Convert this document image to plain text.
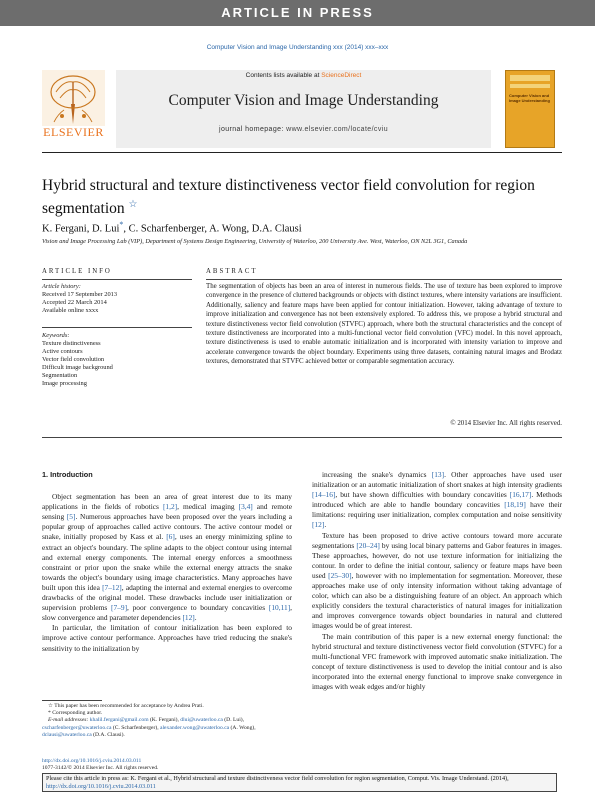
ARTICLE IN PRESS
Computer Vision and Image Understanding xxx (2014) xxx–xxx
ELSEVIER
Contents lists available at ScienceDirect
Computer Vision and Image Understanding
journal homepage: www.elsevier.com/locate/cviu
Computer Vision and Image Understanding
Hybrid structural and texture distinctiveness vector field convolution for region segmentation ☆
K. Fergani, D. Lui*, C. Scharfenberger, A. Wong, D.A. Clausi
Vision and Image Processing Lab (VIP), Department of Systems Design Engineering, University of Waterloo, 200 University Ave. West, Waterloo, ON N2L 3G1, Canada
ARTICLE INFO	ABSTRACT
Article history:
Received 17 September 2013
Accepted 22 March 2014
Available online xxxx
Keywords:
Texture distinctiveness
Active contours
Vector field convolution
Difficult image background
Segmentation
Image processing
The segmentation of objects has been an area of interest in numerous fields. The use of texture has been explored to improve convergence in the presence of cluttered backgrounds or objects with distinct textures, where intensity variations are insufficient. Additionally, saliency and feature maps have been applied for contour initialization. However, taking advantage of texture to improve initialization and convergence has not been extensively explored. To address this, we propose a hybrid structural and texture distinctiveness vector field convolution (STVFC) approach, where both the structural characteristics and the concept of texture distinctiveness are incorporated into a multi-functional vector field convolution (VFC) model. In this novel approach, texture distinctiveness is used to enable automatic initialization and is incorporated with intensity variation to improve and accelerate convergence towards the object boundary. Experiments using three datasets, containing natural images and Brodatz textures, demonstrated that STVFC achieved better or comparable segmentation accuracy.
© 2014 Elsevier Inc. All rights reserved.

1. Introduction

Object segmentation has been an area of great interest due to its many applications in the fields of robotics [1,2], medical imaging [3,4] and remote sensing [5]. Numerous approaches have been proposed over the years including a popular group of approaches called active contours. The active contour model or snake, initially proposed by Kass et al. [6], uses an energy minimizing spline to extract an object's boundary. The spline adapts to the object contour using internal and external energy components. The internal energy enforces a smoothness constraint or prior upon the snake while the external energy attracts the snake towards the object's boundary using image characteristics. Many approaches have built upon this idea [7–12], adapting the internal and external energies to overcome drawbacks of the original model. These drawbacks include user initialization or supervision problems [7–9], poor convergence to boundary concavities [10,11], slow convergence and parameter dependencies [12].

In particular, the limitation of contour initialization has been explored to improve active contour performance. Approaches have tried reducing the snake's sensitivity to the initialization by

increasing the snake's dynamics [13]. Other approaches have used user initialization or an automatic initialization of short snakes at high intensity gradients [14–16], but have shown difficulties with boundary concavities [16,17]. Methods introduced which are able to handle boundary concavities [18,19] have their limitations: requiring user initialization, complex computation and noise sensitivity [12].

Texture has been proposed to drive active contours toward more accurate segmentations [20–24] by using local binary patterns and Gabor features in images. These approaches, however, do not use texture information for initializing the contour. In order to define the initial contour, saliency or feature maps have been used [25–30], however with no implementation for segmentation. Moreover, these approaches make use of only intensity information without taking advantage of color, which can also be a distinguishing feature of an object. An approach which explicitly considers the textural characteristics of natural images for initialization and improves convergence towards object boundaries in natural and cluttered images would be of great interest.

The main contribution of this paper is a new external energy functional: the hybrid structural and texture distinctiveness vector field convolution (STVFC) for a multi-functional VFC framework with improved automatic snake initialization. The concept of texture distinctiveness is used to develop the initial contour and is also incorporated into the external energy functional to improve snake convergence in images with weak edges and/or highly

☆ This paper has been recommended for acceptance by Andrea Prati.
* Corresponding author.
E-mail addresses: khalil.fergani@gmail.com (K. Fergani), dlui@uwaterloo.ca (D. Lui), cscharfenberger@uwaterloo.ca (C. Scharfenberger), alexander.wong@uwaterloo.ca (A. Wong), dclausi@uwaterloo.ca (D.A. Clausi).
http://dx.doi.org/10.1016/j.cviu.2014.03.011
1077-3142/© 2014 Elsevier Inc. All rights reserved.
Please cite this article in press as: K. Fergani et al., Hybrid structural and texture distinctiveness vector field convolution for region segmentation, Comput. Vis. Image Understand. (2014), http://dx.doi.org/10.1016/j.cviu.2014.03.011
